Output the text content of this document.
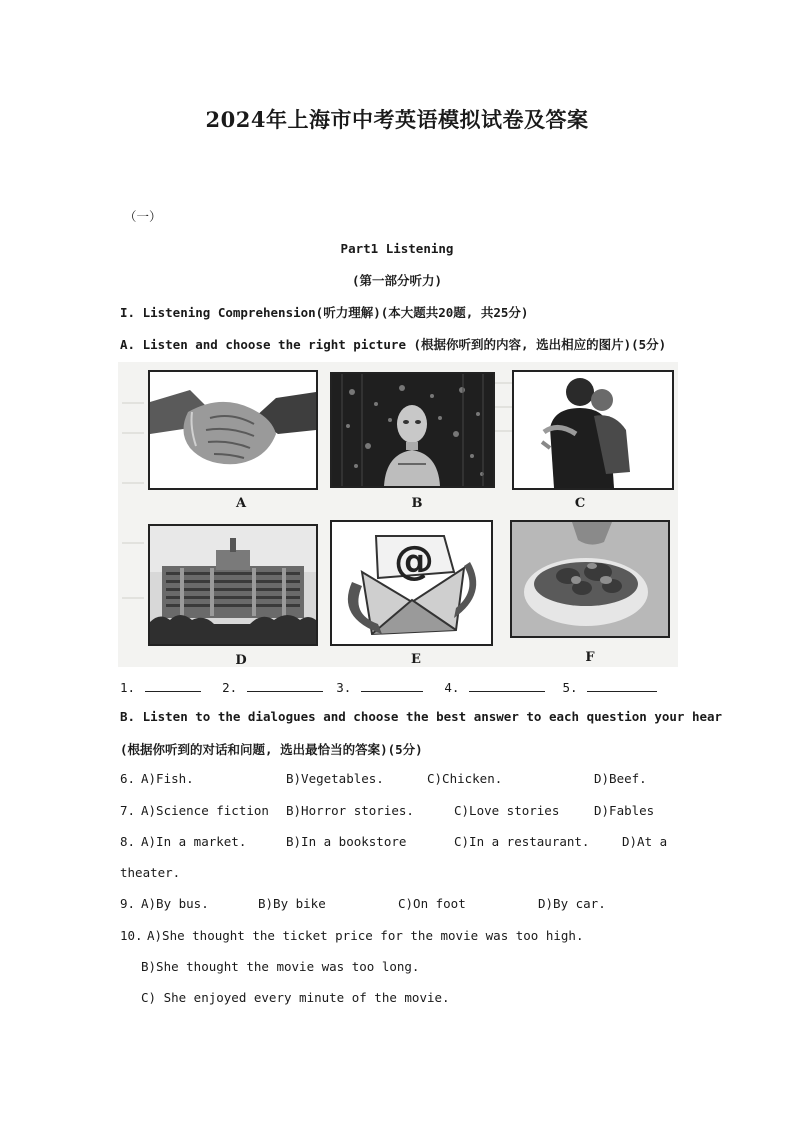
2024年上海市中考英语模拟试卷及答案
（一）
Part1 Listening
(第一部分听力)
I. Listening Comprehension(听力理解)(本大题共20题, 共25分)
A. Listen and choose the right picture (根据你听到的内容, 选出相应的图片)(5分)
A	B	C
D
@
E	F
1.	2.	3.	4.	5.
B. Listen to the dialogues and choose the best answer to each question your hear
(根据你听到的对话和问题, 选出最恰当的答案)(5分)
6. A)Fish.	B)Vegetables.	C)Chicken.	D)Beef.
7. A)Science fiction B)Horror stories.	C)Love stories	D)Fables
8. A)In a market.	B)In a bookstore	C)In a restaurant.	D)At a
theater.
9. A)By bus.	B)By bike	C)On foot	D)By car.
10. A)She thought the ticket price for the movie was too high.
B)She thought the movie was too long.
C) She enjoyed every minute of the movie.
